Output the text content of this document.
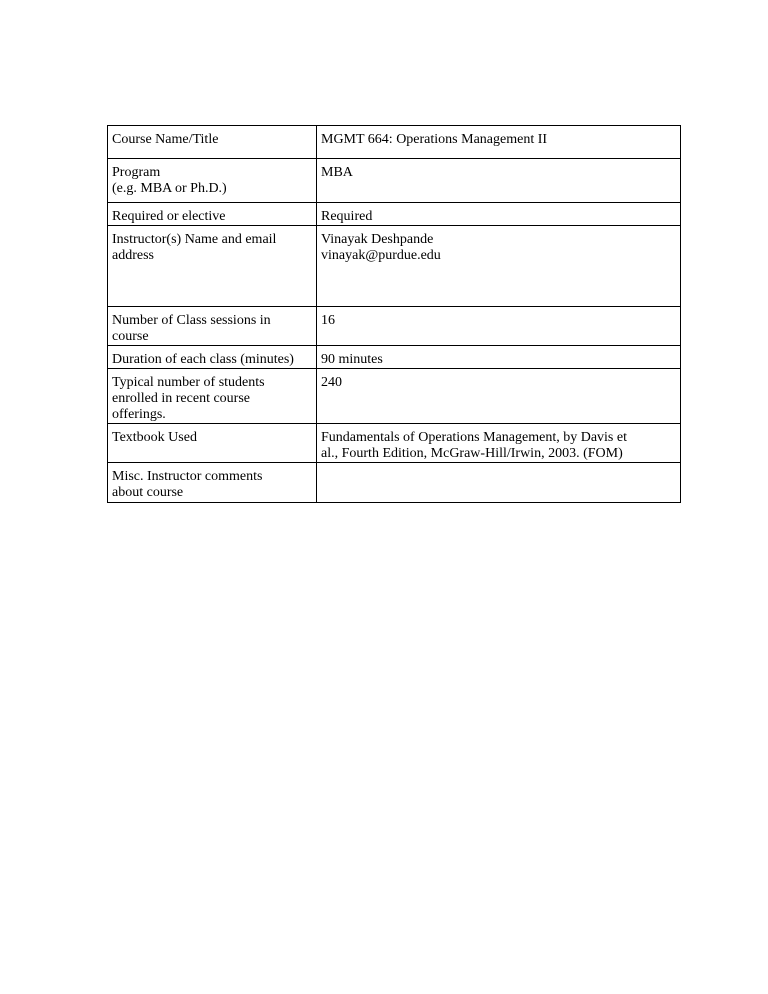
Course Name/Title	MGMT 664: Operations Management II

Program
(e.g. MBA or Ph.D.)	MBA

Required or elective	Required

Instructor(s) Name and email
address	Vinayak Deshpande
vinayak@purdue.edu

Number of Class sessions in
course	16

Duration of each class (minutes)	90 minutes

Typical number of students
enrolled in recent course
offerings.	240

Textbook Used	Fundamentals of Operations Management, by Davis et
al., Fourth Edition, McGraw-Hill/Irwin, 2003. (FOM)

Misc. Instructor comments
about course	
